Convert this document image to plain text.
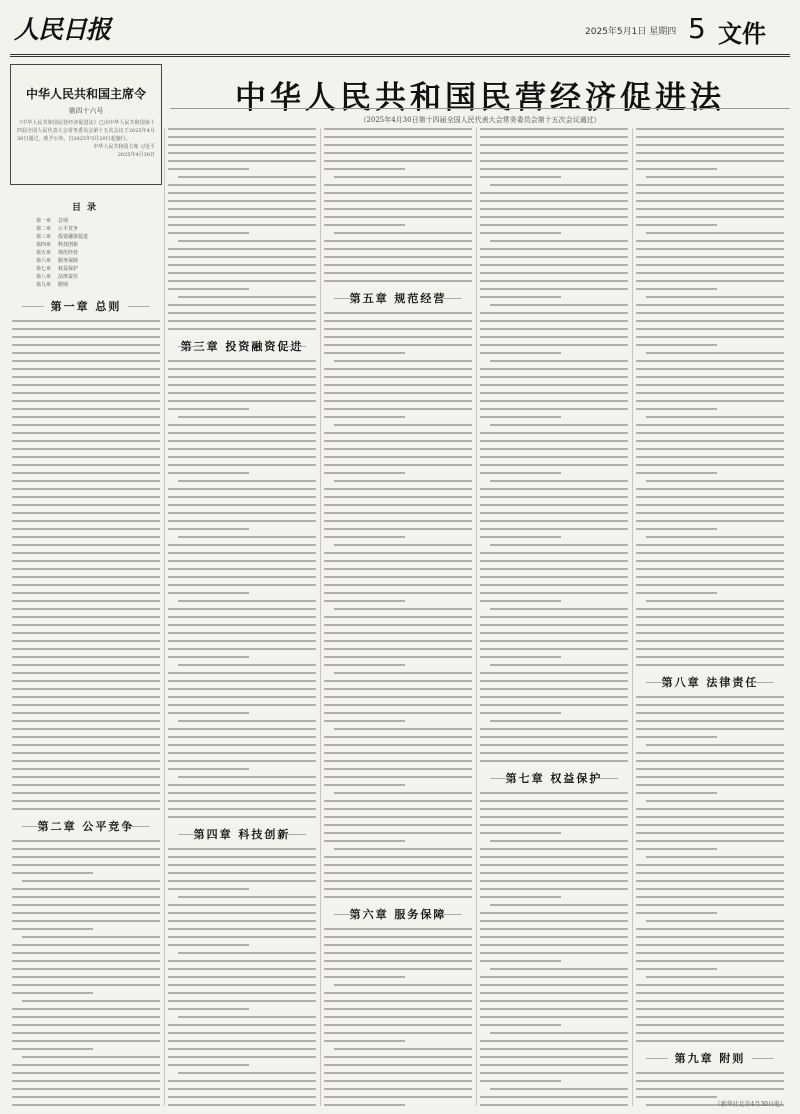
人民日报	2025年5月1日 星期四 5 文件
中华人民共和国主席令
第四十六号
《中华人民共和国民营经济促进法》已由中华人民共和国第十四届全国人民代表大会常务委员会第十五次会议于2025年4月30日通过，现予公布，自2025年5月20日起施行。
中华人民共和国主席 习近平
2025年4月30日
目录
第一章 总则
第二章 公平竞争
第三章 投资融资促进
第四章 科技创新
第五章 规范经营
第六章 服务保障
第七章 权益保护
第八章 法律责任
第九章 附则
中华人民共和国民营经济促进法
（2025年4月30日第十四届全国人民代表大会常务委员会第十五次会议通过）
第一章 总则
第二章 公平竞争
第三章 投资融资促进
第四章 科技创新
第五章 规范经营
第六章 服务保障
第七章 权益保护
第八章 法律责任
第九章 附则
（新华社北京4月30日电）
